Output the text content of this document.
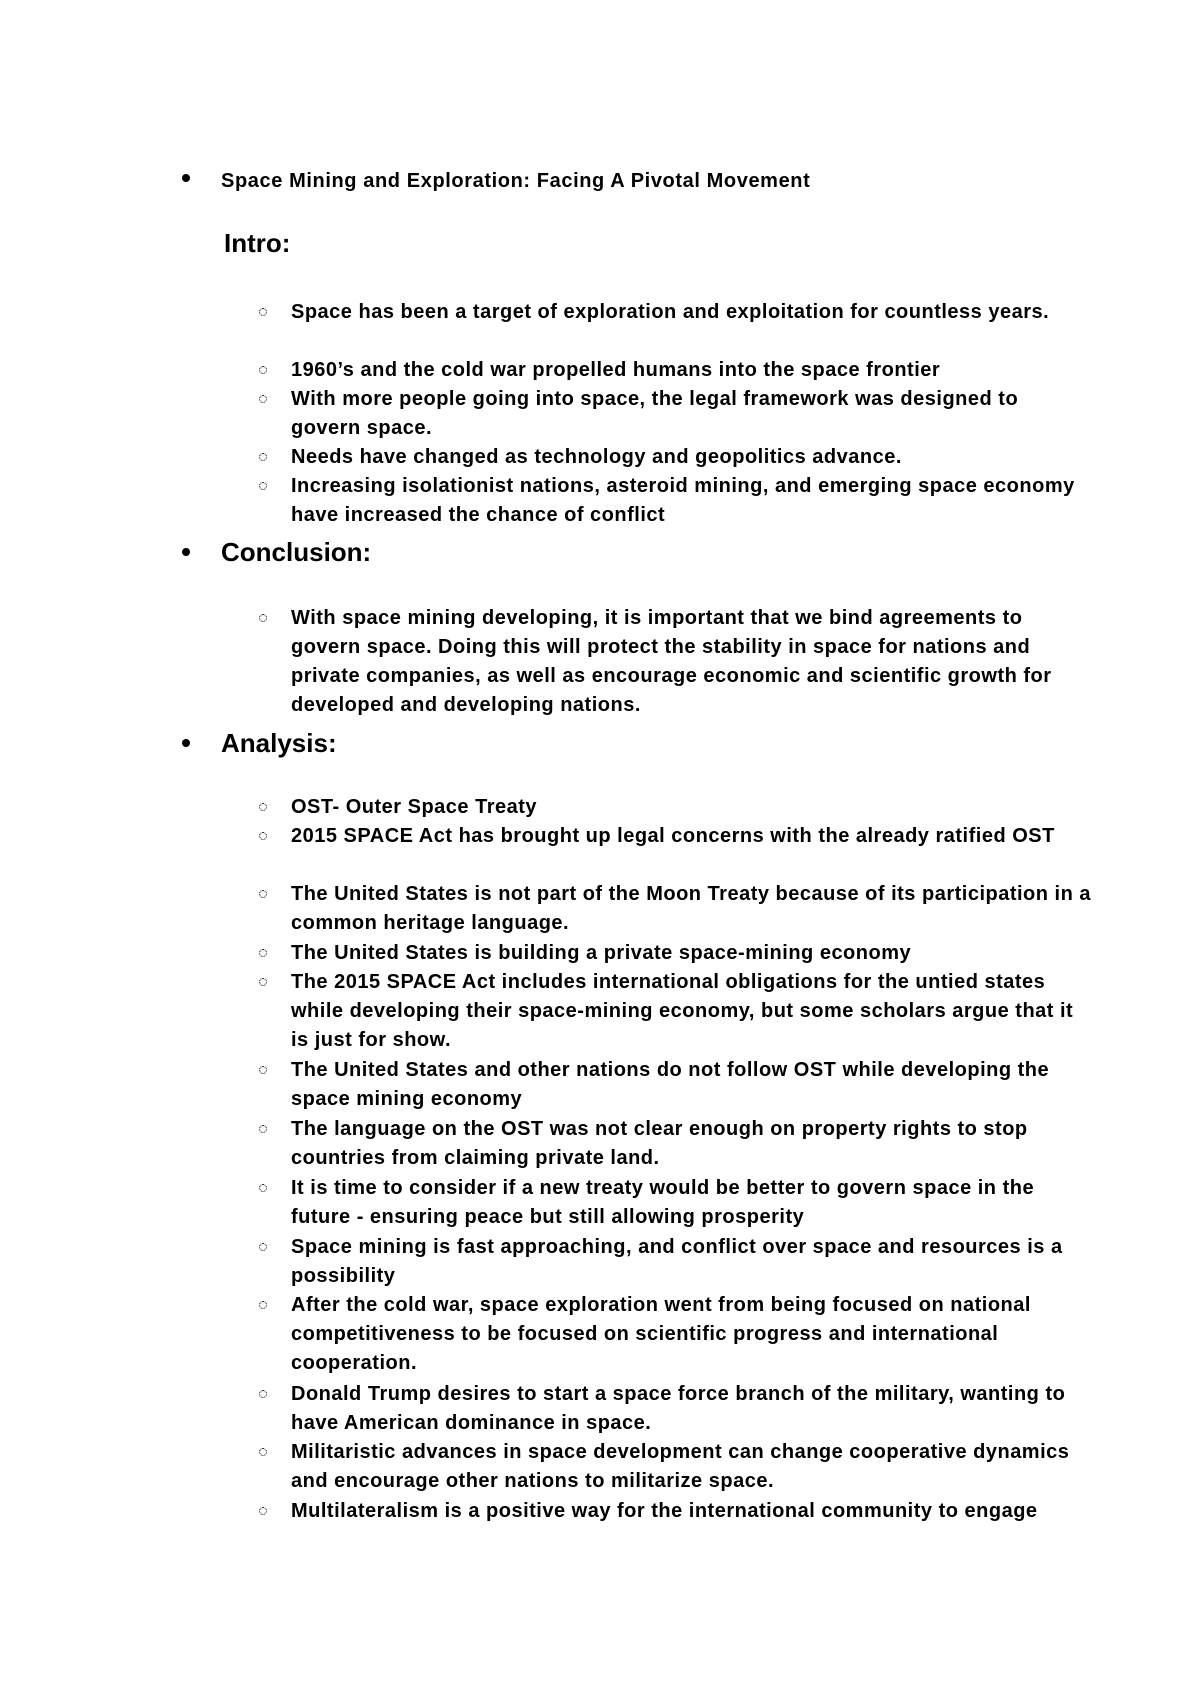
Space Mining and Exploration: Facing A Pivotal Movement
Intro:
Space has been a target of exploration and exploitation for countless years.
1960’s and the cold war propelled humans into the space frontier
With more people going into space, the legal framework was designed to govern space.
Needs have changed as technology and geopolitics advance.
Increasing isolationist nations, asteroid mining, and emerging space economy have increased the chance of conflict
Conclusion:
With space mining developing, it is important that we bind agreements to govern space. Doing this will protect the stability in space for nations and private companies, as well as encourage economic and scientific growth for developed and developing nations.
Analysis:
OST- Outer Space Treaty
2015 SPACE Act has brought up legal concerns with the already ratified OST
The United States is not part of the Moon Treaty because of its participation in a common heritage language.
The United States is building a private space-mining economy
The 2015 SPACE Act includes international obligations for the untied states while developing their space-mining economy, but some scholars argue that it is just for show.
The United States and other nations do not follow OST while developing the space mining economy
The language on the OST was not clear enough on property rights to stop countries from claiming private land.
It is time to consider if a new treaty would be better to govern space in the future - ensuring peace but still allowing prosperity
Space mining is fast approaching, and conflict over space and resources is a possibility
After the cold war, space exploration went from being focused on national competitiveness to be focused on scientific progress and international cooperation.
Donald Trump desires to start a space force branch of the military, wanting to have American dominance in space.
Militaristic advances in space development can change cooperative dynamics and encourage other nations to militarize space.
Multilateralism is a positive way for the international community to engage
